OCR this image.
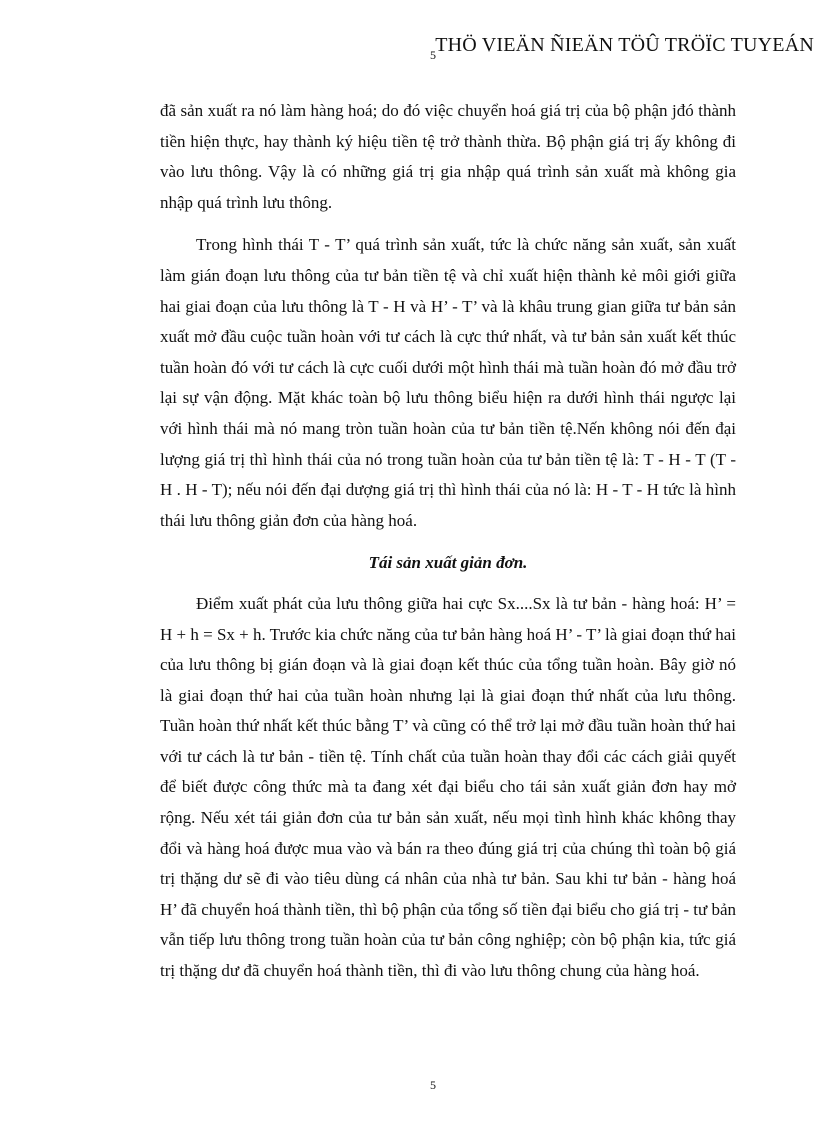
5 THÖ VIEÄN ÑIEÄN TÖÛ TRÖÏC TUYEÁN

đã sản xuất ra nó làm hàng hoá; do đó việc chuyển hoá giá trị của bộ phận jđó thành tiền hiện thực, hay thành ký hiệu tiền tệ trở thành thừa. Bộ phận giá trị ấy không đi vào lưu thông. Vậy là có những giá trị gia nhập quá trình sản xuất mà không gia nhập quá trình lưu thông.

Trong hình thái T - T’ quá trình sản xuất, tức là chức năng sản xuất, sản xuất làm gián đoạn lưu thông của tư bản tiền tệ và chỉ xuất hiện thành kẻ môi giới giữa hai giai đoạn của lưu thông là T - H và H’ - T’ và là khâu trung gian giữa tư bản sản xuất mở đầu cuộc tuần hoàn với tư cách là cực thứ nhất, và tư bản sản xuất kết thúc tuần hoàn đó với tư cách là cực cuối dưới một hình thái mà tuần hoàn đó mở đầu trở lại sự vận động. Mặt khác toàn bộ lưu thông biểu hiện ra dưới hình thái ngược lại với hình thái mà nó mang tròn tuần hoàn của tư bản tiền tệ.Nến không nói đến đại lượng giá trị thì hình thái của nó trong tuần hoàn của tư bản tiền tệ là: T - H - T (T - H . H - T); nếu nói đến đại dượng giá trị thì hình thái của nó là: H - T - H tức là hình thái lưu thông giản đơn của hàng hoá.

Tái sản xuất giản đơn.

Điểm xuất phát của lưu thông giữa hai cực Sx....Sx là tư bản - hàng hoá: H’ = H + h = Sx + h. Trước kia chức năng của tư bản hàng hoá H’ - T’ là giai đoạn thứ hai của lưu thông bị gián đoạn và là giai đoạn kết thúc của tổng tuần hoàn. Bây giờ nó là giai đoạn thứ hai của tuần hoàn nhưng lại là giai đoạn thứ nhất của lưu thông. Tuần hoàn thứ nhất kết thúc bằng T’ và cũng có thể trở lại mở đầu tuần hoàn thứ hai với tư cách là tư bản - tiền tệ. Tính chất của tuần hoàn thay đổi các cách giải quyết để biết được công thức mà ta đang xét đại biểu cho tái sản xuất giản đơn hay mở rộng. Nếu xét tái giản đơn của tư bản sản xuất, nếu mọi tình hình khác không thay đổi và hàng hoá được mua vào và bán ra theo đúng giá trị của chúng thì toàn bộ giá trị thặng dư sẽ đi vào tiêu dùng cá nhân của nhà tư bản. Sau khi tư bản - hàng hoá H’ đã chuyển hoá thành tiền, thì bộ phận của tổng số tiền đại biểu cho giá trị - tư bản vẫn tiếp lưu thông trong tuần hoàn của tư bản công nghiệp; còn bộ phận kia, tức giá trị thặng dư đã chuyển hoá thành tiền, thì đi vào lưu thông chung của hàng hoá.

5
